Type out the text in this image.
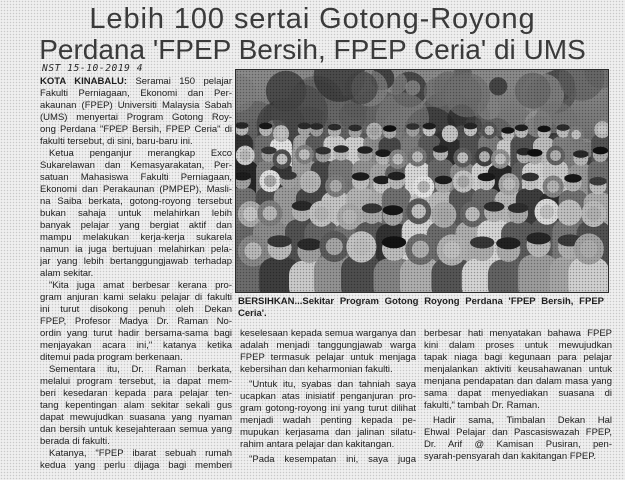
Lebih 100 sertai Gotong-Royong
Perdana 'FPEP Bersih, FPEP Ceria' di UMS
NST 15-10-2019 4
KOTA KINABALU: Seramai 150 pelajar
Fakulti Perniagaan, Ekonomi dan Per-
akaunan (FPEP) Universiti Malaysia Sabah
(UMS) menyertai Program Gotong Roy-
ong Perdana "FPEP Bersih, FPEP Ceria" di
fakulti tersebut, di sini, baru-baru ini.
Ketua penganjur merangkap Exco
Sukarelawan dan Kemasyarakatan, Per-
satuan Mahasiswa Fakulti Perniagaan,
Ekonomi dan Perakaunan (PMPEP), Masli-
na Saiba berkata, gotong-royong tersebut
bukan sahaja untuk melahirkan lebih
banyak pelajar yang bergiat aktif dan
mampu melakukan kerja-kerja sukarela
namun ia juga bertujuan melahirkan pela-
jar yang lebih bertanggungjawab terhadap
alam sekitar.
"Kita juga amat berbesar kerana pro-
gram anjuran kami selaku pelajar di fakulti
ini turut disokong penuh oleh Dekan
FPEP, Profesor Madya Dr. Raman No-
ordin yang turut hadir bersama-sama bagi
menjayakan acara ini," katanya ketika
ditemui pada program berkenaan.
Sementara itu, Dr. Raman berkata,
melalui program tersebut, ia dapat mem-
beri kesedaran kepada para pelajar ten-
tang kepentingan alam sekitar sekali gus
dapat mewujudkan suasana yang nyaman
dan bersih untuk kesejahteraan semua yang
berada di fakulti.
Katanya, "FPEP ibarat sebuah rumah
kedua yang perlu dijaga bagi memberi
BERSIHKAN...Sekitar Program Gotong Royong Perdana 'FPEP Bersih, FPEP
Ceria'.
keselesaan kepada semua warganya dan
adalah menjadi tanggungjawab warga
FPEP termasuk pelajar untuk menjaga
kebersihan dan keharmonian fakulti.
"Untuk itu, syabas dan tahniah saya
ucapkan atas inisiatif penganjuran pro-
gram gotong-royong ini yang turut dilihat
menjadi wadah penting kepada pe-
mupukan kerjasama dan jalinan silatu-
rahim antara pelajar dan kakitangan.
"Pada kesempatan ini, saya juga
berbesar hati menyatakan bahawa FPEP
kini dalam proses untuk mewujudkan
tapak niaga bagi kegunaan para pelajar
menjalankan aktiviti keusahawanan untuk
menjana pendapatan dan dalam masa yang
sama dapat menyediakan suasana di
fakulti," tambah Dr. Raman.
Hadir sama, Timbalan Dekan Hal
Ehwal Pelajar dan Pascasiswazah FPEP,
Dr. Arif @ Kamisan Pusiran, pen-
syarah-pensyarah dan kakitangan FPEP.
